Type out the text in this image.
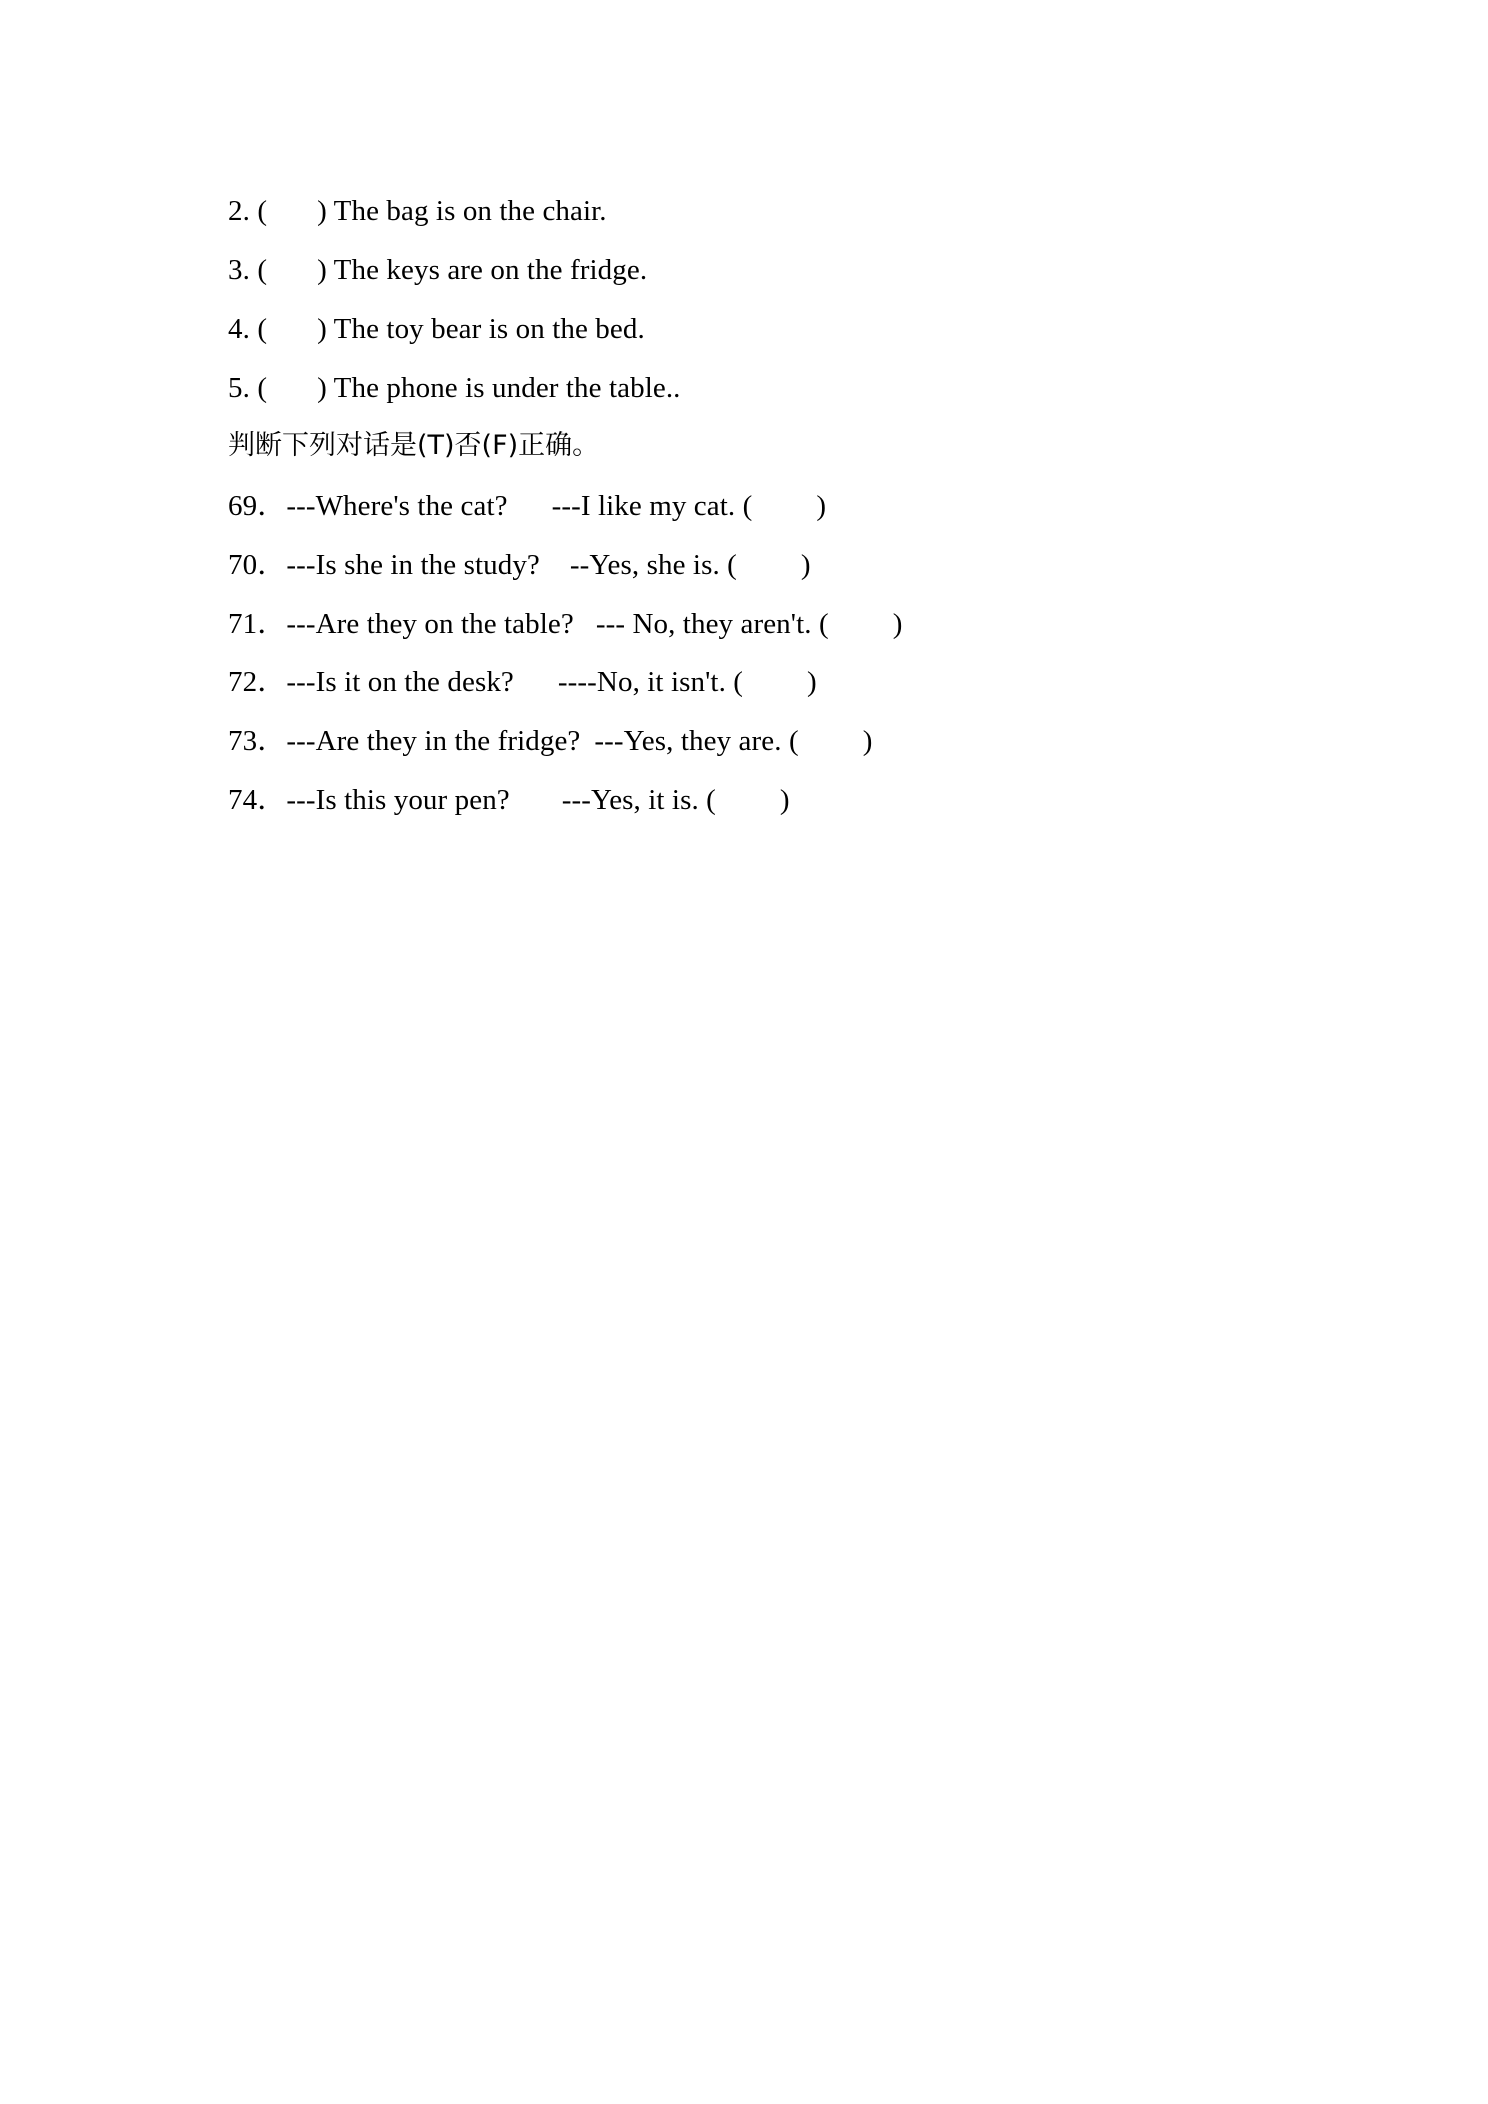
2. ( ) The bag is on the chair.
3. ( ) The keys are on the fridge.
4. ( ) The toy bear is on the bed.
5. ( ) The phone is under the table..
判断下列对话是(T)否(F)正确。
69．---Where's the cat? ---I like my cat. ( )
70．---Is she in the study? --Yes, she is. ( )
71．---Are they on the table? --- No, they aren't. ( )
72．---Is it on the desk? ----No, it isn't. ( )
73．---Are they in the fridge? ---Yes, they are. ( )
74．---Is this your pen? ---Yes, it is. ( )
